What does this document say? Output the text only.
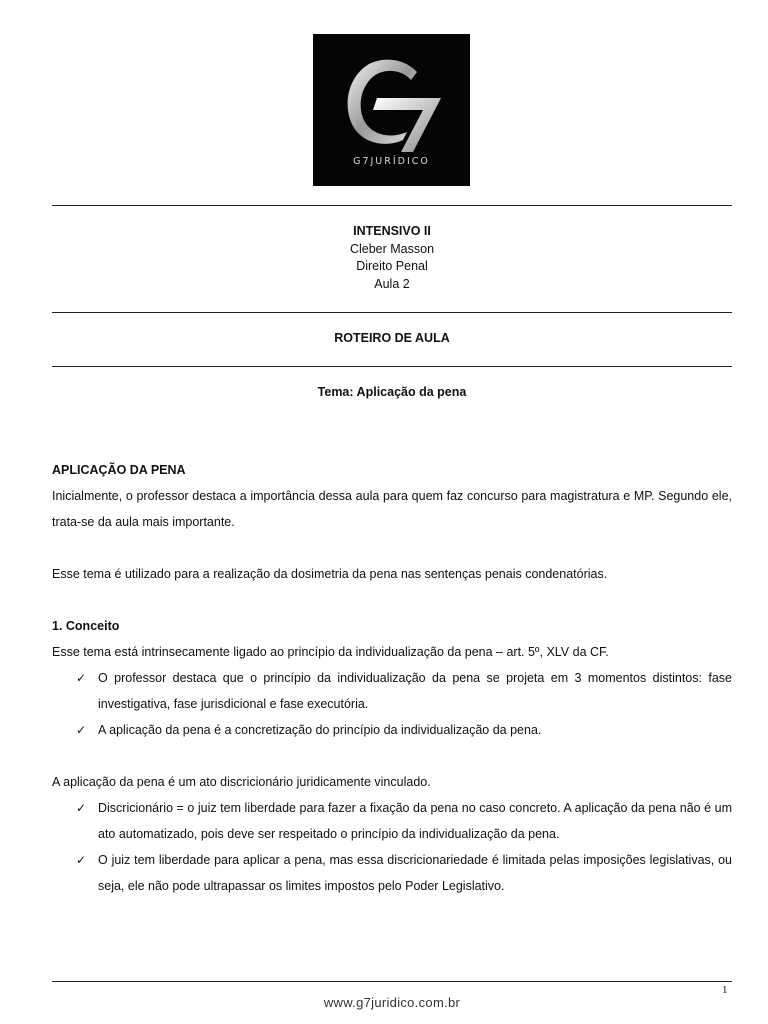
G7JURÍDICO
INTENSIVO II
Cleber Masson
Direito Penal
Aula 2
ROTEIRO DE AULA
Tema: Aplicação da pena

APLICAÇÃO DA PENA

Inicialmente, o professor destaca a importância dessa aula para quem faz concurso para magistratura e MP. Segundo ele, trata-se da aula mais importante.

Esse tema é utilizado para a realização da dosimetria da pena nas sentenças penais condenatórias.

1. Conceito

Esse tema está intrinsecamente ligado ao princípio da individualização da pena – art. 5º, XLV da CF.

✓ O professor destaca que o princípio da individualização da pena se projeta em 3 momentos distintos: fase investigativa, fase jurisdicional e fase executória.
✓ A aplicação da pena é a concretização do princípio da individualização da pena.

A aplicação da pena é um ato discricionário juridicamente vinculado.

✓ Discricionário = o juiz tem liberdade para fazer a fixação da pena no caso concreto. A aplicação da pena não é um ato automatizado, pois deve ser respeitado o princípio da individualização da pena.
✓ O juiz tem liberdade para aplicar a pena, mas essa discricionariedade é limitada pelas imposições legislativas, ou seja, ele não pode ultrapassar os limites impostos pelo Poder Legislativo.
1
www.g7juridico.com.br
